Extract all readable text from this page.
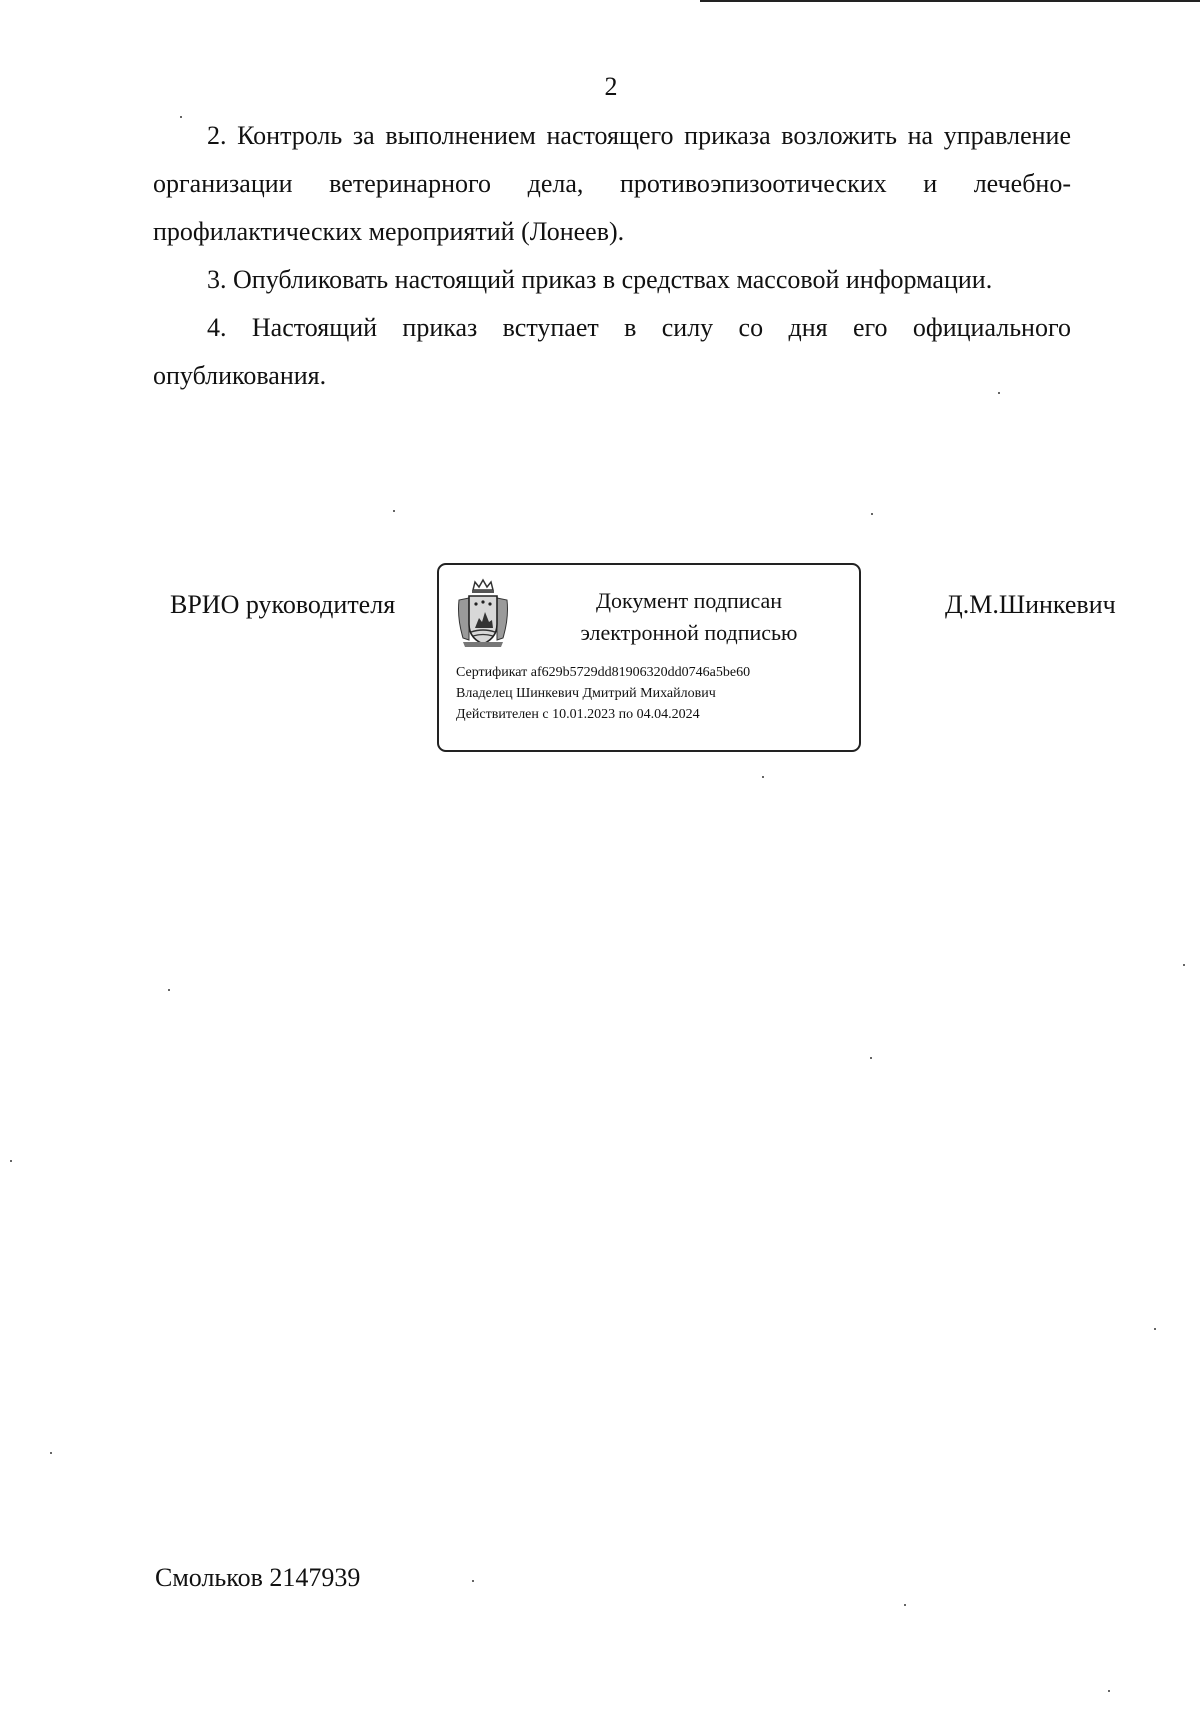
2

2. Контроль за выполнением настоящего приказа возложить на управление организации ветеринарного дела, противоэпизоотических и лечебно-профилактических мероприятий (Лонеев).

3. Опубликовать настоящий приказ в средствах массовой информации.

4. Настоящий приказ вступает в силу со дня его официального опубликования.

ВРИО руководителя	Документ подписан
электронной подписью
Сертификат af629b5729dd81906320dd0746a5be60
Владелец Шинкевич Дмитрий Михайлович
Действителен с 10.01.2023 по 04.04.2024
Д.М.Шинкевич
Смольков 2147939
